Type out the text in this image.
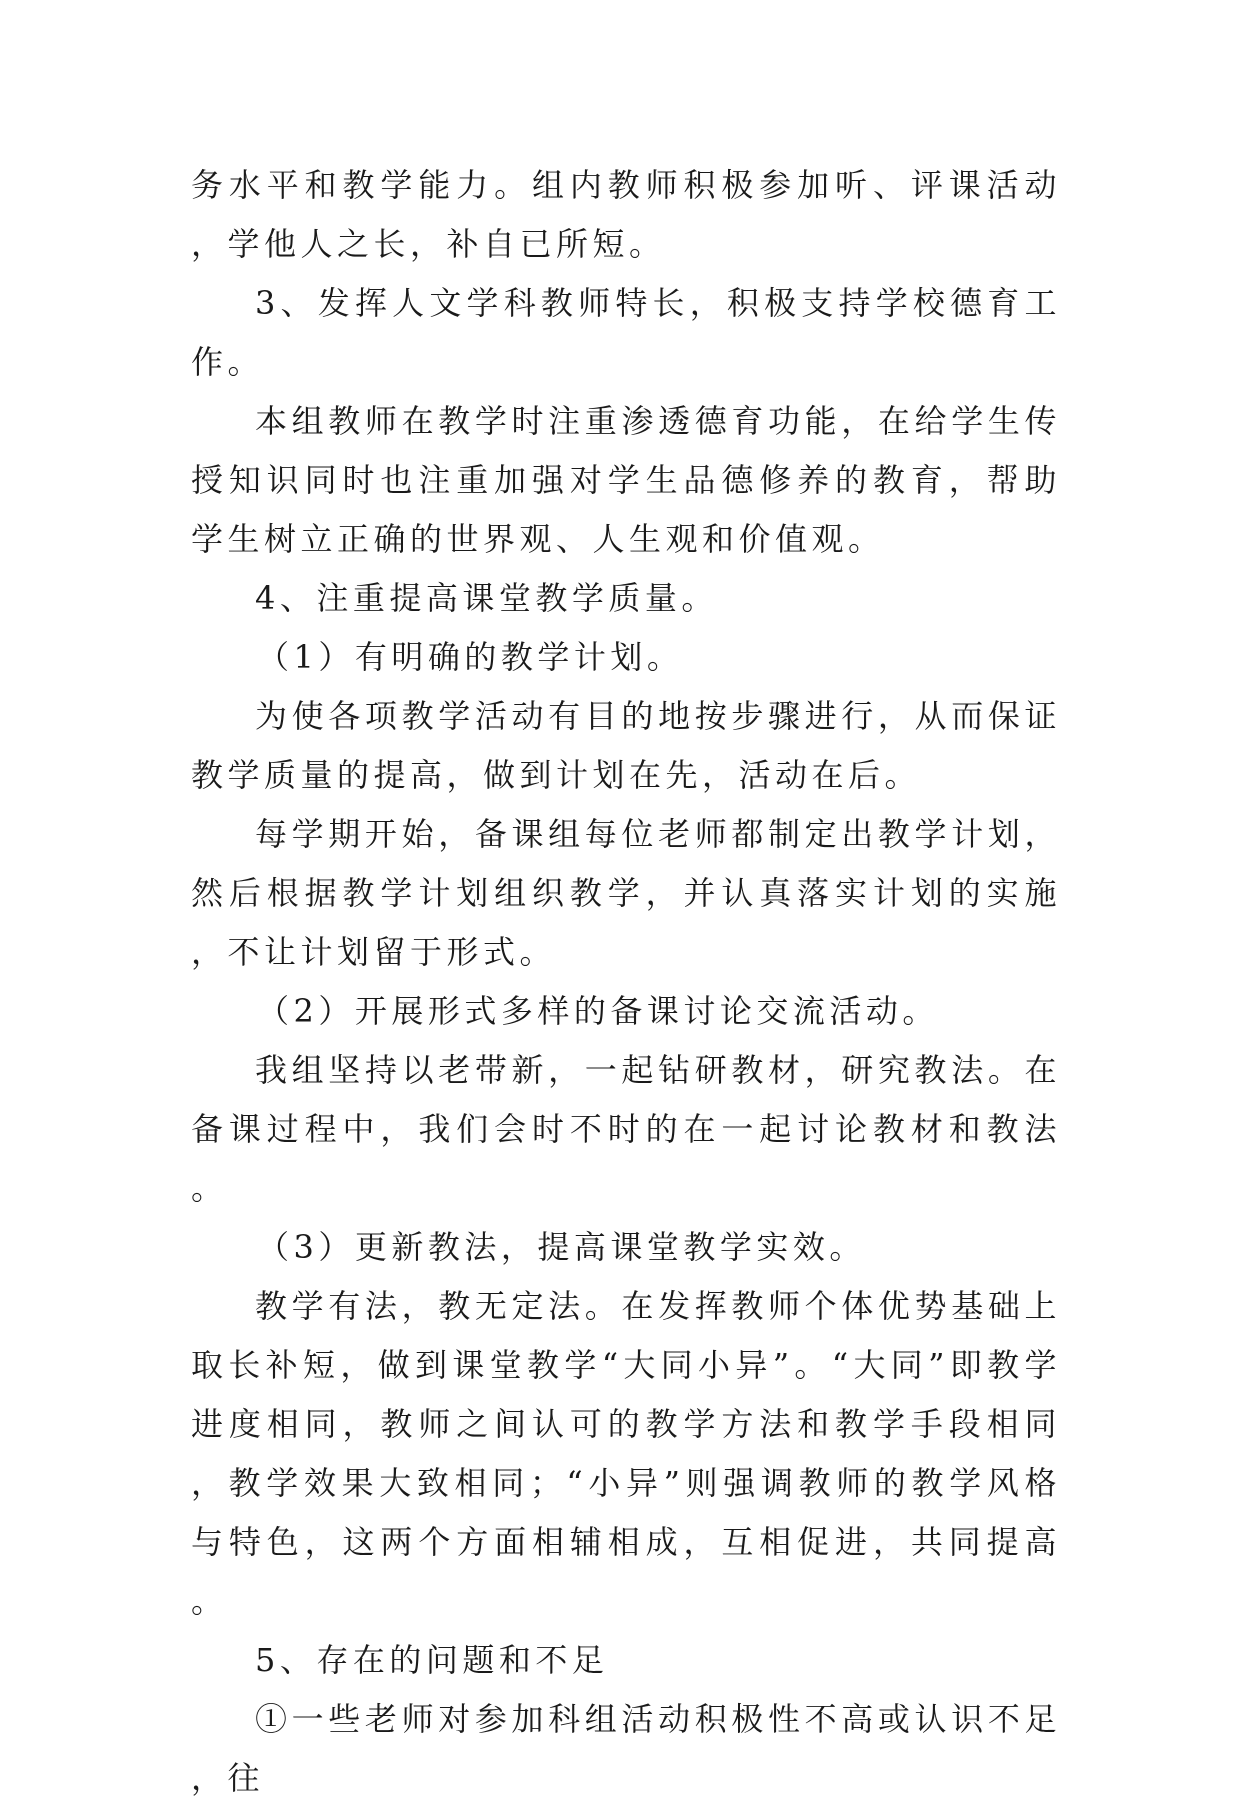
务水平和教学能力。组内教师积极参加听、评课活动，学他人之长，补自已所短。

3、发挥人文学科教师特长，积极支持学校德育工作。

本组教师在教学时注重渗透德育功能，在给学生传授知识同时也注重加强对学生品德修养的教育，帮助学生树立正确的世界观、人生观和价值观。

4、注重提高课堂教学质量。

（1）有明确的教学计划。

为使各项教学活动有目的地按步骤进行，从而保证教学质量的提高，做到计划在先，活动在后。

每学期开始，备课组每位老师都制定出教学计划，然后根据教学计划组织教学，并认真落实计划的实施，不让计划留于形式。

（2）开展形式多样的备课讨论交流活动。

我组坚持以老带新，一起钻研教材，研究教法。在备课过程中，我们会时不时的在一起讨论教材和教法。

（3）更新教法，提高课堂教学实效。

教学有法，教无定法。在发挥教师个体优势基础上取长补短，做到课堂教学“大同小异”。“大同”即教学进度相同，教师之间认可的教学方法和教学手段相同，教学效果大致相同；“小异”则强调教师的教学风格与特色，这两个方面相辅相成，互相促进，共同提高。

5、存在的问题和不足

①一些老师对参加科组活动积极性不高或认识不足，往
